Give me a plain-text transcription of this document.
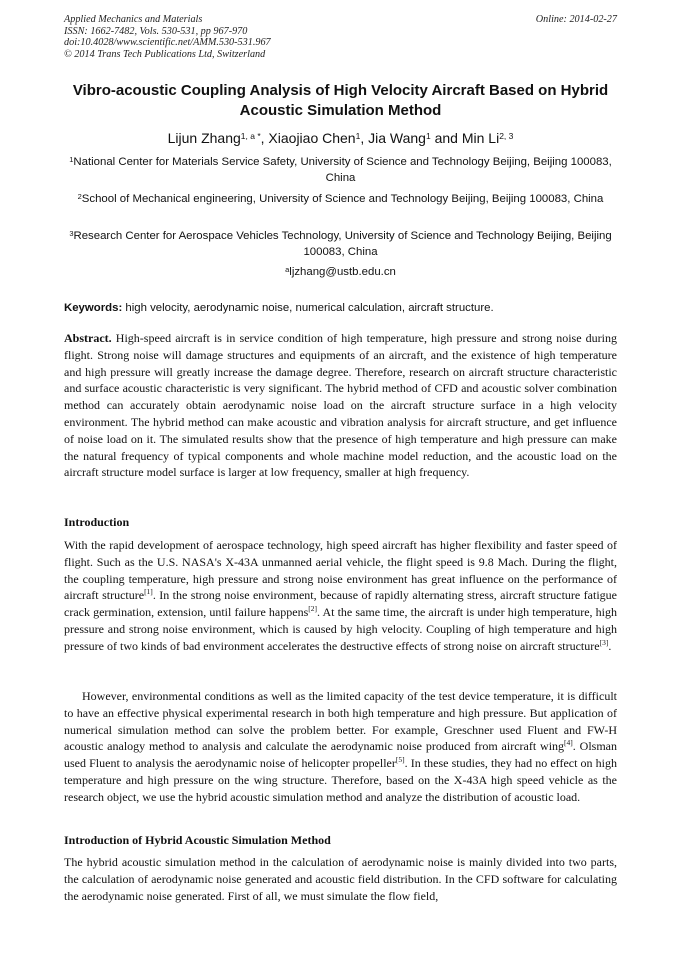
Applied Mechanics and Materials
ISSN: 1662-7482, Vols. 530-531, pp 967-970
doi:10.4028/www.scientific.net/AMM.530-531.967
© 2014 Trans Tech Publications Ltd, Switzerland
Online: 2014-02-27
Vibro-acoustic Coupling Analysis of High Velocity Aircraft Based on Hybrid Acoustic Simulation Method
Lijun Zhang$^{1, a *}$, Xiaojiao Chen$^1$, Jia Wang$^1$ and Min Li$^{2, 3}$
$^1$National Center for Materials Service Safety, University of Science and Technology Beijing, Beijing 100083, China
$^2$School of Mechanical engineering, University of Science and Technology Beijing, Beijing 100083, China
$^3$Research Center for Aerospace Vehicles Technology, University of Science and Technology Beijing, Beijing 100083, China
$^a$ljzhang@ustb.edu.cn
Keywords: high velocity, aerodynamic noise, numerical calculation, aircraft structure.
Abstract. High-speed aircraft is in service condition of high temperature, high pressure and strong noise during flight. Strong noise will damage structures and equipments of an aircraft, and the existence of high temperature and high pressure will greatly increase the damage degree. Therefore, research on aircraft structure characteristic and surface acoustic characteristic is very significant. The hybrid method of CFD and acoustic solver combination method can accurately obtain aerodynamic noise load on the aircraft structure surface in a high velocity environment. The hybrid method can make acoustic and vibration analysis for aircraft structure, and get influence of noise load on it. The simulated results show that the presence of high temperature and high pressure can make the natural frequency of typical components and whole machine model reduction, and the acoustic load on the aircraft structure model surface is larger at low frequency, smaller at high frequency.
Introduction
With the rapid development of aerospace technology, high speed aircraft has higher flexibility and faster speed of flight. Such as the U.S. NASA's X-43A unmanned aerial vehicle, the flight speed is 9.8 Mach. During the flight, the coupling temperature, high pressure and strong noise environment has great influence on the performance of aircraft structure[1]. In the strong noise environment, because of rapidly alternating stress, aircraft structure fatigue crack germination, extension, until failure happens[2]. At the same time, the aircraft is under high temperature, high pressure and strong noise environment, which is caused by high velocity. Coupling of high temperature and high pressure of two kinds of bad environment accelerates the destructive effects of strong noise on aircraft structure[3].
However, environmental conditions as well as the limited capacity of the test device temperature, it is difficult to have an effective physical experimental research in both high temperature and high pressure. But application of numerical simulation method can solve the problem better. For example, Greschner used Fluent and FW-H acoustic analogy method to analysis and calculate the aerodynamic noise produced from aircraft wing[4]. Olsman used Fluent to analysis the aerodynamic noise of helicopter propeller[5]. In these studies, they had no effect on high temperature and high pressure on the wing structure. Therefore, based on the X-43A high speed vehicle as the research object, we use the hybrid acoustic simulation method and analyze the distribution of acoustic load.
Introduction of Hybrid Acoustic Simulation Method
The hybrid acoustic simulation method in the calculation of aerodynamic noise is mainly divided into two parts, the calculation of aerodynamic noise generated and acoustic field distribution. In the CFD software for calculating the aerodynamic noise generated. First of all, we must simulate the flow field,
